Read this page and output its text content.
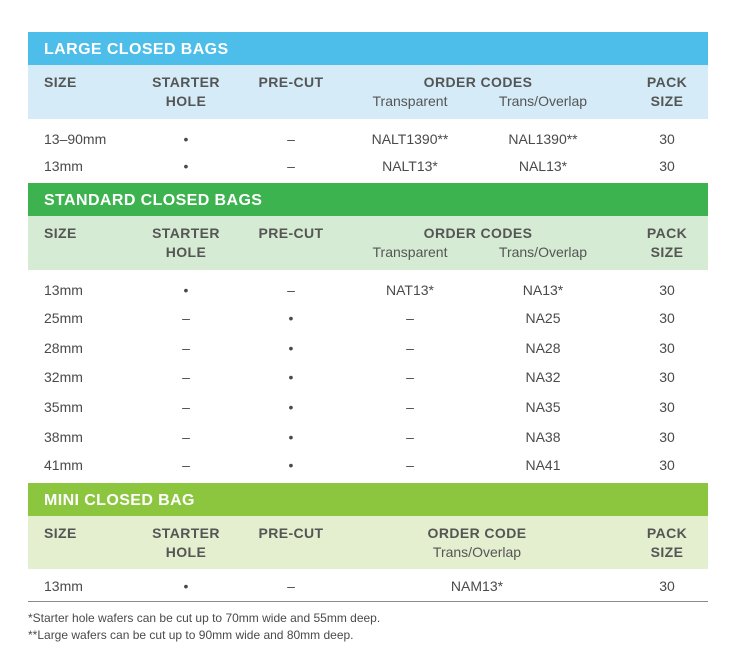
LARGE CLOSED BAGS
SIZE	STARTER
HOLE
PRE-CUT	ORDER CODES
Transparent	Trans/Overlap
PACK
SIZE
13–90mm	•	–	NALT1390**	NAL1390**	30
13mm	•	–	NALT13*	NAL13*	30
STANDARD CLOSED BAGS
SIZE	STARTER
HOLE
PRE-CUT	ORDER CODES
Transparent	Trans/Overlap
PACK
SIZE
13mm	•	–	NAT13*	NA13*	30
25mm	–	•	–	NA25	30
28mm	–	•	–	NA28	30
32mm	–	•	–	NA32	30
35mm	–	•	–	NA35	30
38mm	–	•	–	NA38	30
41mm	–	•	–	NA41	30
MINI CLOSED BAG
SIZE	STARTER
HOLE
PRE-CUT	ORDER CODE
Trans/Overlap
PACK
SIZE
13mm	•	–	NAM13*	30
*Starter hole wafers can be cut up to 70mm wide and 55mm deep.
**Large wafers can be cut up to 90mm wide and 80mm deep.
